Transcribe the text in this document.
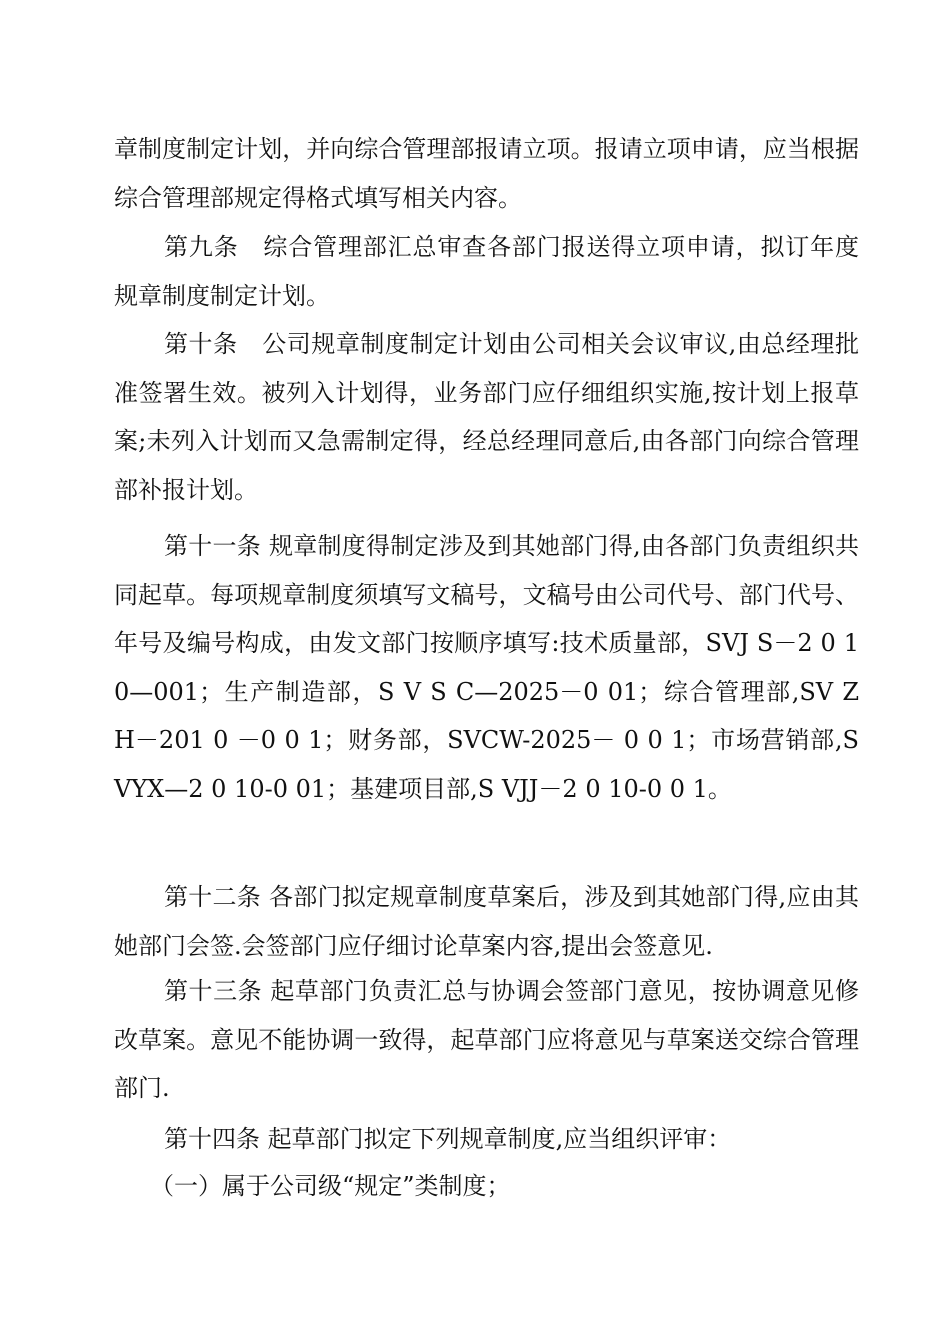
章制度制定计划，并向综合管理部报请立项。报请立项申请，应当根据综合管理部规定得格式填写相关内容。

第九条　综合管理部汇总审查各部门报送得立项申请，拟订年度规章制度制定计划。

第十条　公司规章制度制定计划由公司相关会议审议,由总经理批准签署生效。被列入计划得，业务部门应仔细组织实施,按计划上报草案;未列入计划而又急需制定得，经总经理同意后,由各部门向综合管理部补报计划。

第十一条 规章制度得制定涉及到其她部门得,由各部门负责组织共同起草。每项规章制度须填写文稿号，文稿号由公司代号、部门代号、年号及编号构成，由发文部门按顺序填写:技术质量部，SVJ S－2 0 10—001；生产制造部，S V S C—2025－0 01；综合管理部,SV Z H－201 0 －0 0 1；财务部，SVCW-2025－ 0 0 1；市场营销部,SVYX—2 0 10-0 01；基建项目部,S VJJ－2 0 10-0 0 1。

第十二条 各部门拟定规章制度草案后，涉及到其她部门得,应由其她部门会签.会签部门应仔细讨论草案内容,提出会签意见.

第十三条 起草部门负责汇总与协调会签部门意见，按协调意见修改草案。意见不能协调一致得，起草部门应将意见与草案送交综合管理部门.

第十四条 起草部门拟定下列规章制度,应当组织评审：

（一）属于公司级“规定”类制度；
